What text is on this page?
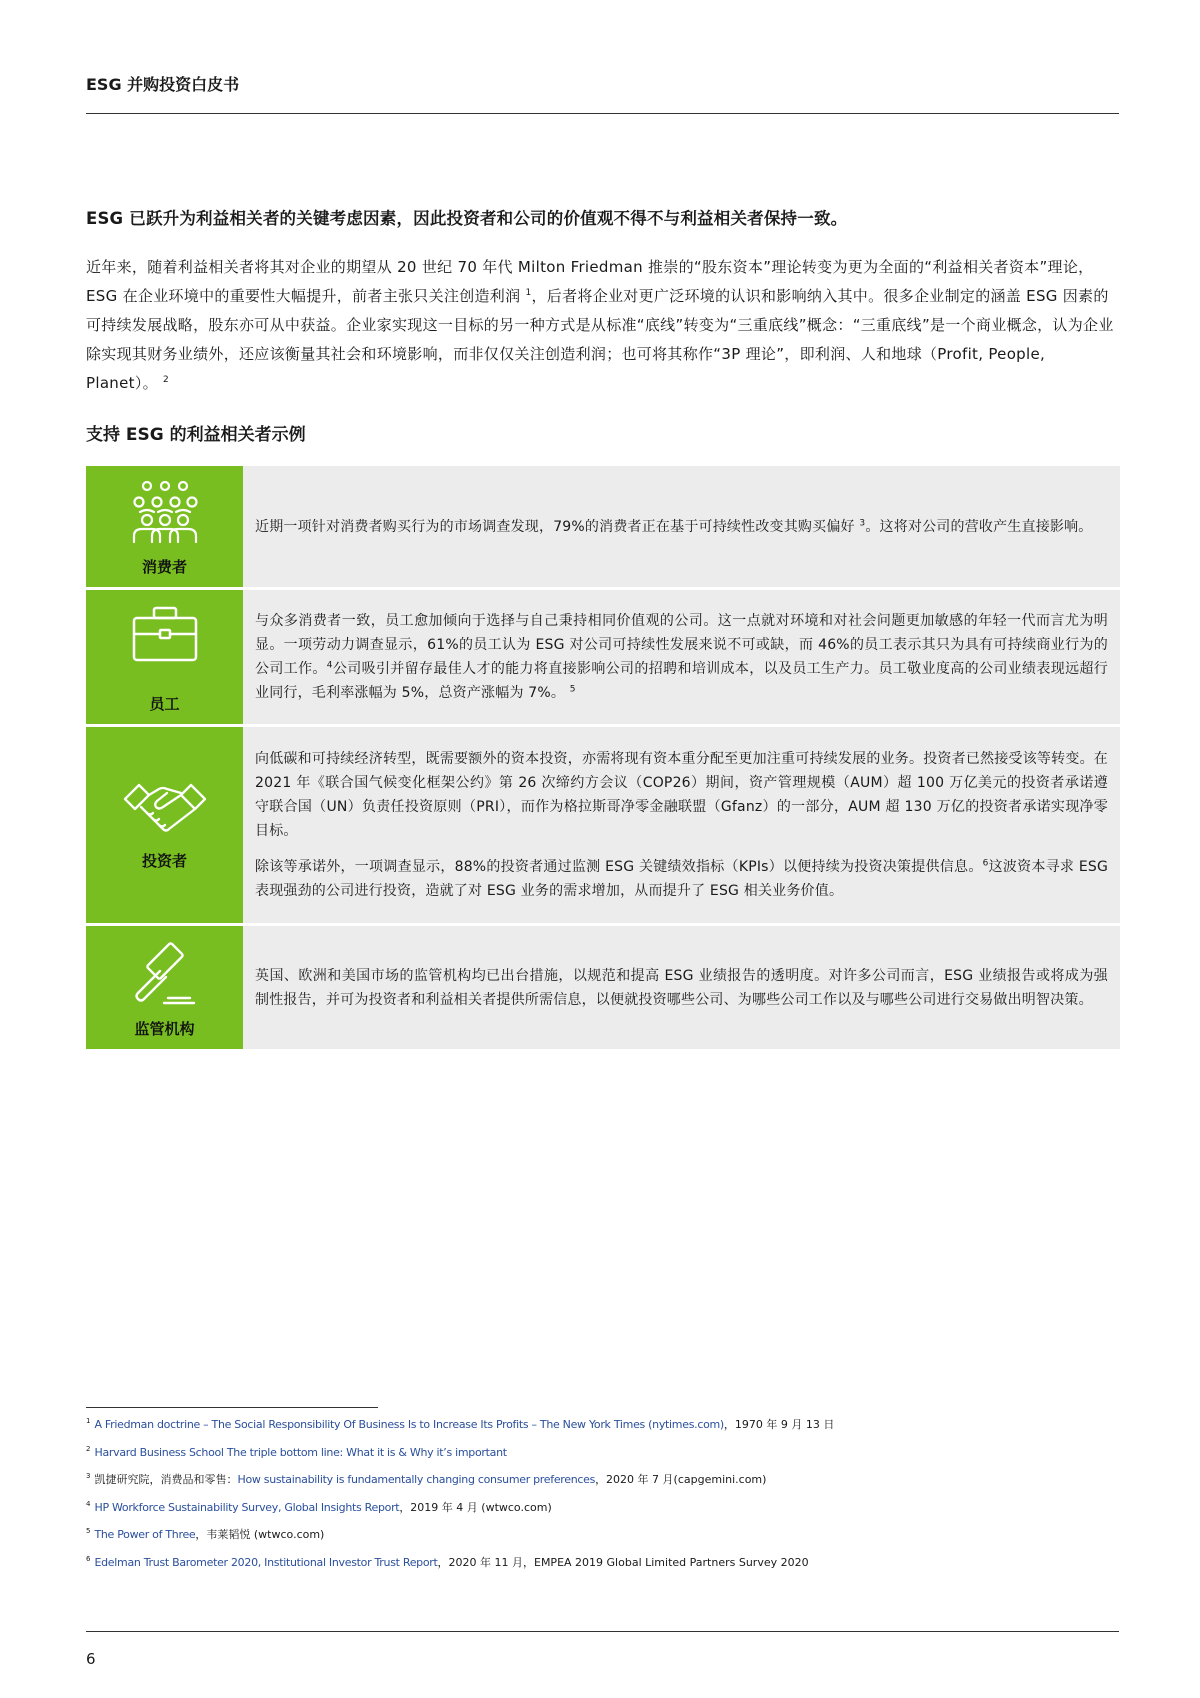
ESG 并购投资白皮书
ESG 已跃升为利益相关者的关键考虑因素，因此投资者和公司的价值观不得不与利益相关者保持一致。

近年来，随着利益相关者将其对企业的期望从 20 世纪 70 年代 Milton Friedman 推崇的“股东资本”理论转变为更为全面的“利益相关者资本”理论，ESG 在企业环境中的重要性大幅提升，前者主张只关注创造利润 $^1$，后者将企业对更广泛环境的认识和影响纳入其中。很多企业制定的涵盖 ESG 因素的可持续发展战略，股东亦可从中获益。企业家实现这一目标的另一种方式是从标准“底线”转变为“三重底线”概念：“三重底线”是一个商业概念，认为企业除实现其财务业绩外，还应该衡量其社会和环境影响，而非仅仅关注创造利润；也可将其称作“3P 理论”，即利润、人和地球（Profit, People, Planet）。 $^2$

支持 ESG 的利益相关者示例
消费者

近期一项针对消费者购买行为的市场调查发现，79%的消费者正在基于可持续性改变其购买偏好 $^3$。这将对公司的营收产生直接影响。

员工

与众多消费者一致，员工愈加倾向于选择与自己秉持相同价值观的公司。这一点就对环境和对社会问题更加敏感的年轻一代而言尤为明显。一项劳动力调查显示，61%的员工认为 ESG 对公司可持续性发展来说不可或缺，而 46%的员工表示其只为具有可持续商业行为的公司工作。$^4$公司吸引并留存最佳人才的能力将直接影响公司的招聘和培训成本，以及员工生产力。员工敬业度高的公司业绩表现远超行业同行，毛利率涨幅为 5%，总资产涨幅为 7%。 $^5$

投资者

向低碳和可持续经济转型，既需要额外的资本投资，亦需将现有资本重分配至更加注重可持续发展的业务。投资者已然接受该等转变。在 2021 年《联合国气候变化框架公约》第 26 次缔约方会议（COP26）期间，资产管理规模（AUM）超 100 万亿美元的投资者承诺遵守联合国（UN）负责任投资原则（PRI），而作为格拉斯哥净零金融联盟（Gfanz）的一部分，AUM 超 130 万亿的投资者承诺实现净零目标。

除该等承诺外，一项调查显示，88%的投资者通过监测 ESG 关键绩效指标（KPIs）以便持续为投资决策提供信息。$^6$这波资本寻求 ESG 表现强劲的公司进行投资，造就了对 ESG 业务的需求增加，从而提升了 ESG 相关业务价值。

监管机构

英国、欧洲和美国市场的监管机构均已出台措施，以规范和提高 ESG 业绩报告的透明度。对许多公司而言，ESG 业绩报告或将成为强制性报告，并可为投资者和利益相关者提供所需信息，以便就投资哪些公司、为哪些公司工作以及与哪些公司进行交易做出明智决策。

$^1$ A Friedman doctrine – The Social Responsibility Of Business Is to Increase Its Profits – The New York Times (nytimes.com)，1970 年 9 月 13 日
$^2$ Harvard Business School The triple bottom line: What it is & Why it’s important
$^3$ 凯捷研究院，消费品和零售：How sustainability is fundamentally changing consumer preferences，2020 年 7 月(capgemini.com)
$^4$ HP Workforce Sustainability Survey, Global Insights Report，2019 年 4 月 (wtwco.com)
$^5$ The Power of Three，韦莱韬悦 (wtwco.com)
$^6$ Edelman Trust Barometer 2020, Institutional Investor Trust Report，2020 年 11 月，EMPEA 2019 Global Limited Partners Survey 2020
6
